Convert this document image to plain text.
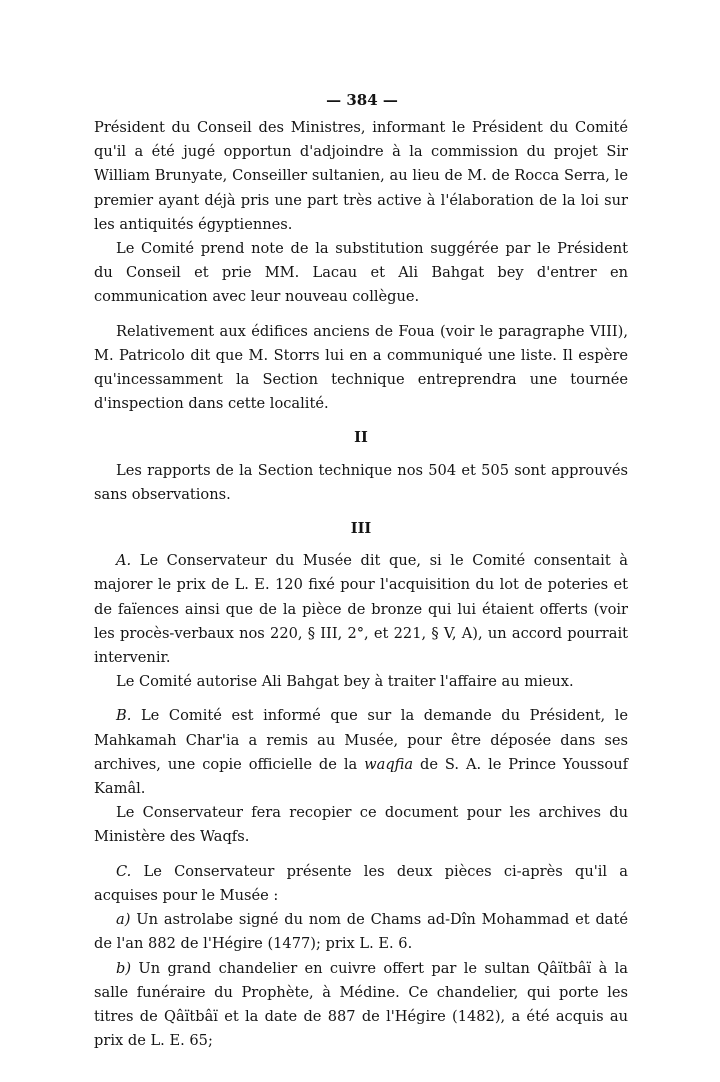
— 384 —

Président du Conseil des Ministres, informant le Président du Comité qu'il a été jugé opportun d'adjoindre à la commission du projet Sir William Brunyate, Conseiller sultanien, au lieu de M. de Rocca Serra, le premier ayant déjà pris une part très active à l'élaboration de la loi sur les antiquités égyptiennes.

Le Comité prend note de la substitution suggérée par le Président du Conseil et prie MM. Lacau et Ali Bahgat bey d'entrer en communication avec leur nouveau collègue.

Relativement aux édifices anciens de Foua (voir le paragraphe VIII), M. Patricolo dit que M. Storrs lui en a communiqué une liste. Il espère qu'incessamment la Section technique entreprendra une tournée d'inspection dans cette localité.

II

Les rapports de la Section technique nos 504 et 505 sont approuvés sans observations.

III

A. Le Conservateur du Musée dit que, si le Comité consentait à majorer le prix de L. E. 120 fixé pour l'acquisition du lot de poteries et de faïences ainsi que de la pièce de bronze qui lui étaient offerts (voir les procès-verbaux nos 220, § III, 2°, et 221, § V, A), un accord pourrait intervenir.

Le Comité autorise Ali Bahgat bey à traiter l'affaire au mieux.

B. Le Comité est informé que sur la demande du Président, le Mahkamah Char'ia a remis au Musée, pour être déposée dans ses archives, une copie officielle de la waqfia de S. A. le Prince Youssouf Kamâl.

Le Conservateur fera recopier ce document pour les archives du Ministère des Waqfs.

C. Le Conservateur présente les deux pièces ci-après qu'il a acquises pour le Musée :

a) Un astrolabe signé du nom de Chams ad-Dîn Mohammad et daté de l'an 882 de l'Hégire (1477); prix L. E. 6.

b) Un grand chandelier en cuivre offert par le sultan Qâïtbâï à la salle funéraire du Prophète, à Médine. Ce chandelier, qui porte les titres de Qâïtbâï et la date de 887 de l'Hégire (1482), a été acquis au prix de L. E. 65;
